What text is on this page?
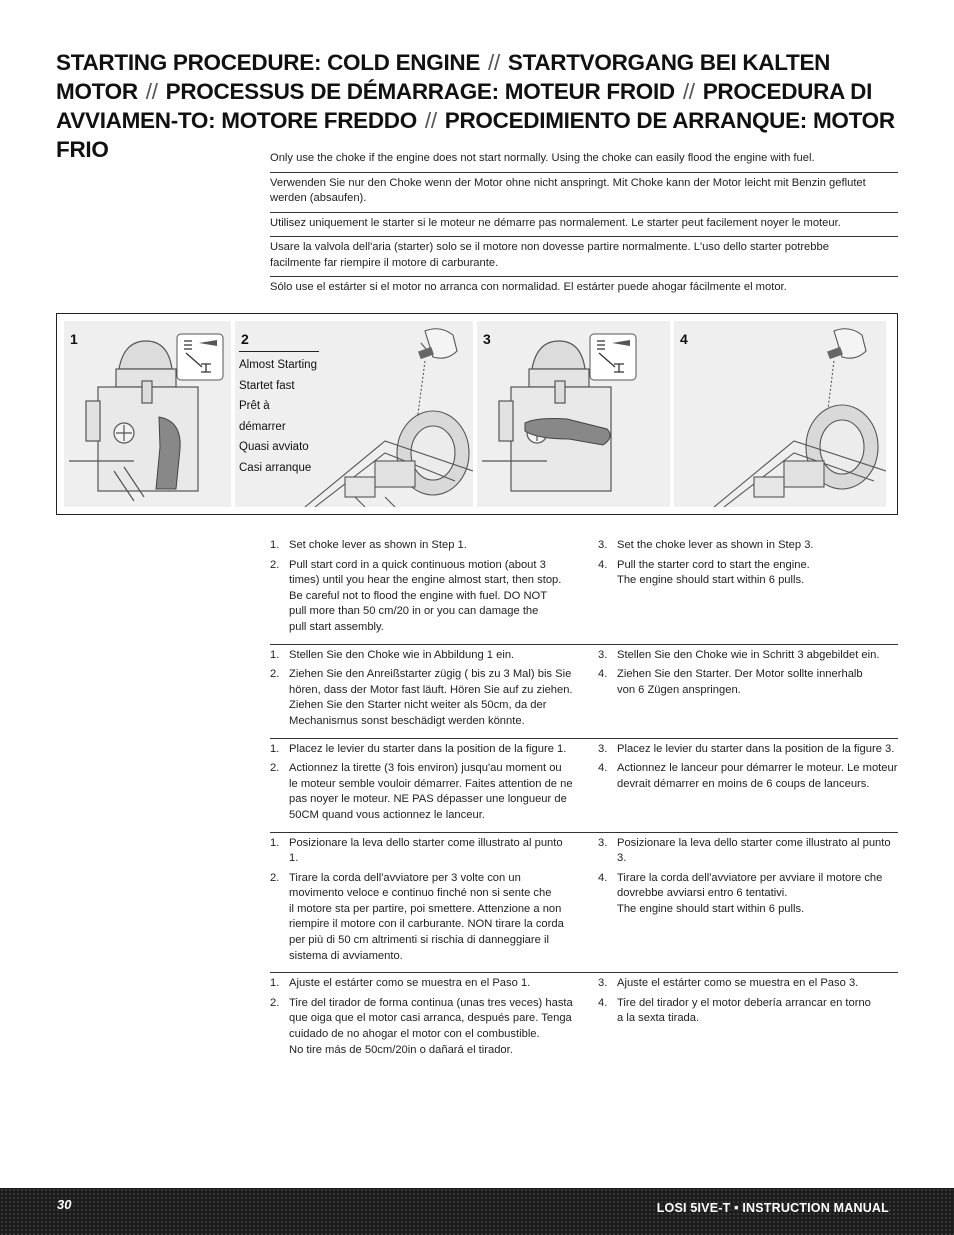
STARTING PROCEDURE: COLD ENGINE // STARTVORGANG BEI KALTEN MOTOR // PROCESSUS DE DÉMARRAGE: MOTEUR FROID // PROCEDURA DI AVVIAMEN-TO: MOTORE FREDDO // PROCEDIMIENTO DE ARRANQUE: MOTOR FRIO	Only use the choke if the engine does not start normally. Using the choke can easily flood the engine with fuel.
Verwenden Sie nur den Choke wenn der Motor ohne nicht anspringt. Mit Choke kann der Motor leicht mit Benzin geflutet werden (absaufen).
Utilisez uniquement le starter si le moteur ne démarre pas normalement. Le starter peut facilement noyer le moteur.
Usare la valvola dell'aria (starter) solo se il motore non dovesse partire normalmente. L'uso dello starter potrebbe facilmente far riempire il motore di carburante.
Sólo use el estárter si el motor no arranca con normalidad. El estárter puede ahogar fácilmente el motor.
1	2
Almost Starting
Startet fast
Prêt à démarrer
Quasi avviato
Casi arranque
3	4
1. Set choke lever as shown in Step 1.
2. Pull start cord in a quick continuous motion (about 3
times) until you hear the engine almost start, then stop.
Be careful not to flood the engine with fuel. DO NOT
pull more than 50 cm/20 in or you can damage the
pull start assembly.
3. Set the choke lever as shown in Step 3.
4. Pull the starter cord to start the engine.
The engine should start within 6 pulls.
1. Stellen Sie den Choke wie in Abbildung 1 ein.
2. Ziehen Sie den Anreißstarter zügig ( bis zu 3 Mal) bis Sie
hören, dass der Motor fast läuft. Hören Sie auf zu ziehen.
Ziehen Sie den Starter nicht weiter als 50cm, da der
Mechanismus sonst beschädigt werden könnte.
3. Stellen Sie den Choke wie in Schritt 3 abgebildet ein.
4. Ziehen Sie den Starter. Der Motor sollte innerhalb
von 6 Zügen anspringen.
1. Placez le levier du starter dans la position de la figure 1.
2. Actionnez la tirette (3 fois environ) jusqu'au moment ou
le moteur semble vouloir démarrer. Faites attention de ne
pas noyer le moteur. NE PAS dépasser une longueur de
50CM quand vous actionnez le lanceur.
3. Placez le levier du starter dans la position de la figure 3.
4. Actionnez le lanceur pour démarrer le moteur. Le moteur
devrait démarrer en moins de 6 coups de lanceurs.
1. Posizionare la leva dello starter come illustrato al punto 1.
2. Tirare la corda dell'avviatore per 3 volte con un
movimento veloce e continuo finché non si sente che
il motore sta per partire, poi smettere. Attenzione a non
riempire il motore con il carburante. NON tirare la corda
per più di 50 cm altrimenti si rischia di danneggiare il
sistema di avviamento.
3. Posizionare la leva dello starter come illustrato al punto 3.
4. Tirare la corda dell'avviatore per avviare il motore che
dovrebbe avviarsi entro 6 tentativi.
The engine should start within 6 pulls.
1. Ajuste el estárter como se muestra en el Paso 1.
2. Tire del tirador de forma continua (unas tres veces) hasta
que oiga que el motor casi arranca, después pare. Tenga
cuidado de no ahogar el motor con el combustible.
No tire más de 50cm/20in o dañará el tirador.
3. Ajuste el estárter como se muestra en el Paso 3.
4. Tire del tirador y el motor debería arrancar en torno
a la sexta tirada.
30	LOSI 5IVE-T • INSTRUCTION MANUAL
